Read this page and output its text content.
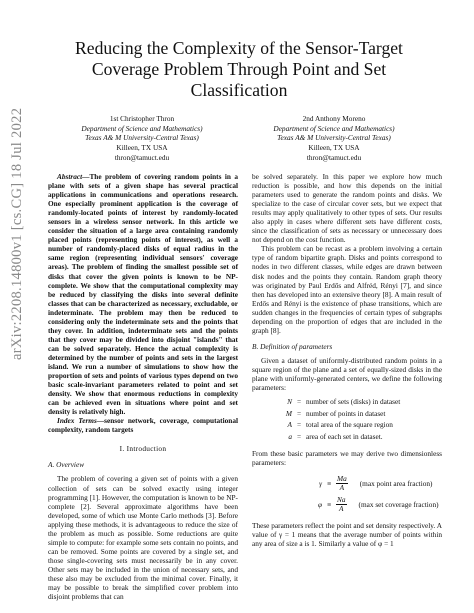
arXiv:2208.14800v1 [cs.CG] 18 Jul 2022
Reducing the Complexity of the Sensor-Target Coverage Problem Through Point and Set Classification
1st Christopher Thron
Department of Science and Mathematics)
Texas A& M University-Central Texas)
Killeen, TX USA
thron@tamuct.edu
2nd Anthony Moreno
Department of Science and Mathematics)
Texas A& M University-Central Texas)
Killeen, TX USA
thron@tamuct.edu

Abstract—The problem of covering random points in a plane with sets of a given shape has several practical applications in communications and operations research. One especially prominent application is the coverage of randomly-located points of interest by randomly-located sensors in a wireless sensor network. In this article we consider the situation of a large area containing randomly placed points (representing points of interest), as well a number of randomly-placed disks of equal radius in the same region (representing individual sensors' coverage areas). The problem of finding the smallest possible set of disks that cover the given points is known to be NP-complete. We show that the computational complexity may be reduced by classifying the disks into several definite classes that can be characterized as necessary, excludable, or indeterminate. The problem may then be reduced to considering only the indeterminate sets and the points that they cover. In addition, indeterminate sets and the points that they cover may be divided into disjoint "islands" that can be solved separately. Hence the actual complexity is determined by the number of points and sets in the largest island. We run a number of simulations to show how the proportion of sets and points of various types depend on two basic scale-invariant parameters related to point and set density. We show that enormous reductions in complexity can be achieved even in situations where point and set density is relatively high.

Index Terms—sensor network, coverage, computational complexity, random targets

I. Introduction
A. Overview

The problem of covering a given set of points with a given collection of sets can be solved exactly using integer programming [1]. However, the computation is known to be NP-complete [2]. Several approximate algorithms have been developed, some of which use Monte Carlo methods [3]. Before applying these methods, it is advantageous to reduce the size of the problem as much as possible. Some reductions are quite simple to compute: for example some sets contain no points, and can be removed. Some points are covered by a single set, and those single-covering sets must necessarily be in any cover. Other sets may be included in the union of necessary sets, and these also may be excluded from the minimal cover. Finally, it may be possible to break the simplified cover problem into disjoint problems that can

be solved separately. In this paper we explore how much reduction is possible, and how this depends on the initial parameters used to generate the random points and disks. We specialize to the case of circular cover sets, but we expect that results may apply qualitatively to other types of sets. Our results also apply in cases where different sets have different costs, since the classification of sets as necessary or unnecessary does not depend on the cost function.

This problem can be recast as a problem involving a certain type of random bipartite graph. Disks and points correspond to nodes in two different classes, while edges are drawn between disk nodes and the points they contain. Random graph theory was originated by Paul Erdős and Alfréd, Rényi [7], and since then has developed into an extensive theory [8]. A main result of Erdős and Rényi is the existence of phase transitions, which are sudden changes in the frequencies of certain types of subgraphs depending on the proportion of edges that are included in the graph [8].

B. Definition of parameters

Given a dataset of uniformly-distributed random points in a square region of the plane and a set of equally-sized disks in the plane with uniformly-generated centers, we define the following parameters:

N = number of sets (disks) in dataset
M = number of points in dataset
A = total area of the square region
a = area of each set in dataset.

From these basic parameters we may derive two dimensionless parameters:

$\gamma \equiv \frac{Ma}{A} (\max$ point area fraction)
$\varphi \equiv \frac{Na}{A} (\max$ set coverage fraction)

These parameters reflect the point and set density respectively. A value of γ = 1 means that the average number of points within any area of size a is 1. Similarly a value of φ = 1
